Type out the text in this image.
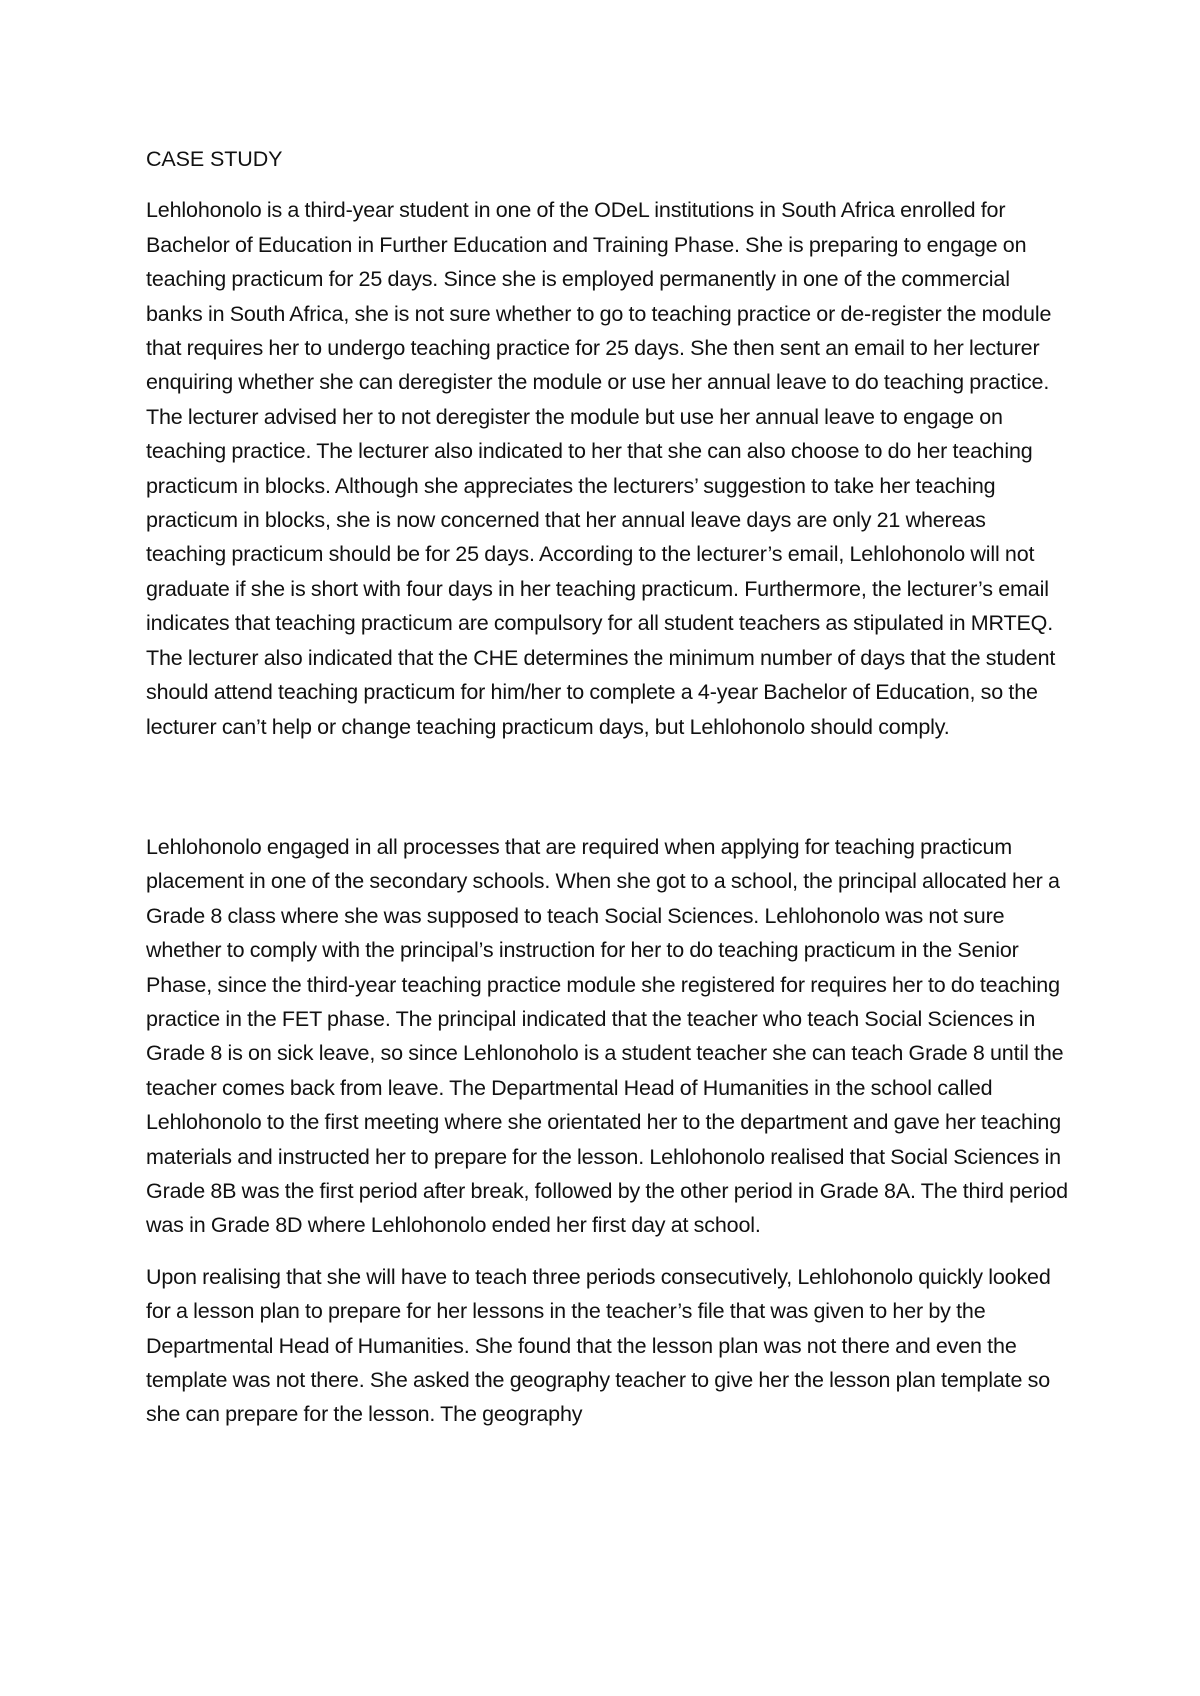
CASE STUDY

Lehlohonolo is a third-year student in one of the ODeL institutions in South Africa enrolled for Bachelor of Education in Further Education and Training Phase. She is preparing to engage on teaching practicum for 25 days. Since she is employed permanently in one of the commercial banks in South Africa, she is not sure whether to go to teaching practice or de-register the module that requires her to undergo teaching practice for 25 days. She then sent an email to her lecturer enquiring whether she can deregister the module or use her annual leave to do teaching practice. The lecturer advised her to not deregister the module but use her annual leave to engage on teaching practice. The lecturer also indicated to her that she can also choose to do her teaching practicum in blocks. Although she appreciates the lecturers’ suggestion to take her teaching practicum in blocks, she is now concerned that her annual leave days are only 21 whereas teaching practicum should be for 25 days. According to the lecturer’s email, Lehlohonolo will not graduate if she is short with four days in her teaching practicum. Furthermore, the lecturer’s email indicates that teaching practicum are compulsory for all student teachers as stipulated in MRTEQ. The lecturer also indicated that the CHE determines the minimum number of days that the student should attend teaching practicum for him/her to complete a 4-year Bachelor of Education, so the lecturer can’t help or change teaching practicum days, but Lehlohonolo should comply.

Lehlohonolo engaged in all processes that are required when applying for teaching practicum placement in one of the secondary schools. When she got to a school, the principal allocated her a Grade 8 class where she was supposed to teach Social Sciences. Lehlohonolo was not sure whether to comply with the principal’s instruction for her to do teaching practicum in the Senior Phase, since the third-year teaching practice module she registered for requires her to do teaching practice in the FET phase. The principal indicated that the teacher who teach Social Sciences in Grade 8 is on sick leave, so since Lehlonoholo is a student teacher she can teach Grade 8 until the teacher comes back from leave. The Departmental Head of Humanities in the school called Lehlohonolo to the first meeting where she orientated her to the department and gave her teaching materials and instructed her to prepare for the lesson. Lehlohonolo realised that Social Sciences in Grade 8B was the first period after break, followed by the other period in Grade 8A. The third period was in Grade 8D where Lehlohonolo ended her first day at school.

Upon realising that she will have to teach three periods consecutively, Lehlohonolo quickly looked for a lesson plan to prepare for her lessons in the teacher’s file that was given to her by the Departmental Head of Humanities. She found that the lesson plan was not there and even the template was not there. She asked the geography teacher to give her the lesson plan template so she can prepare for the lesson. The geography
